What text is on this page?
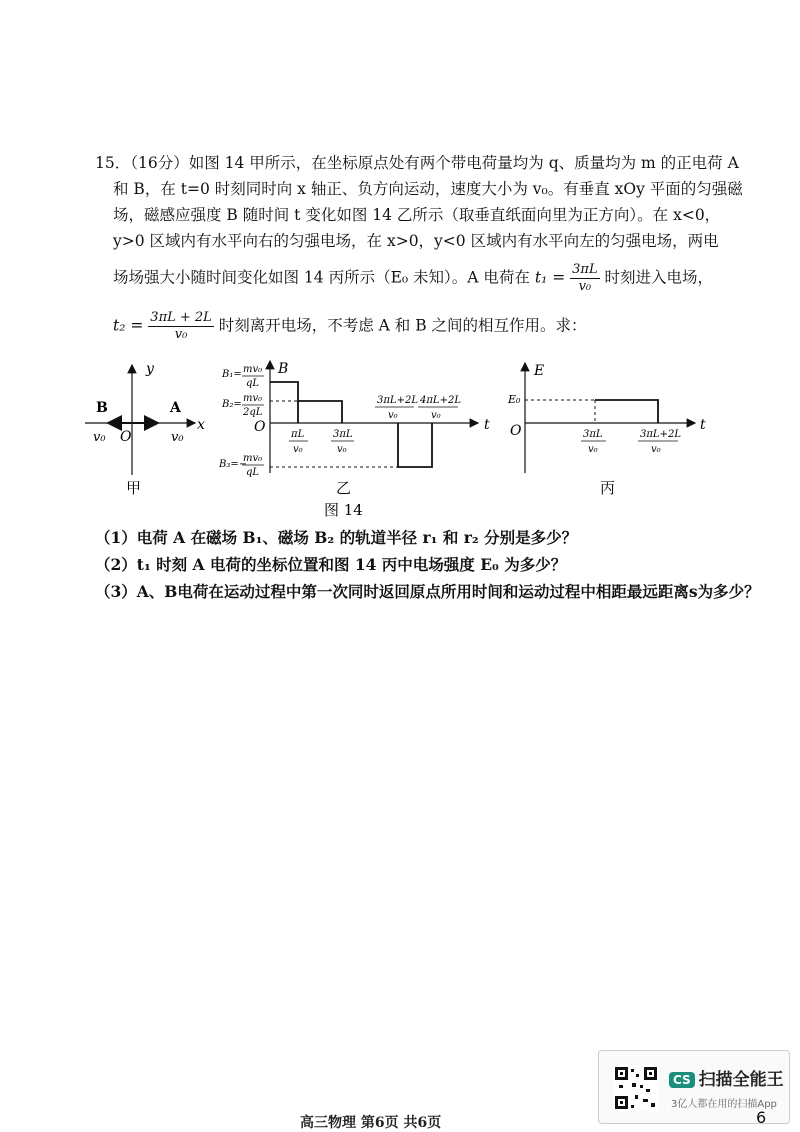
15．（16分）如图 14 甲所示，在坐标原点处有两个带电荷量均为 q、质量均为 m 的正电荷 A
和 B，在 t=0 时刻同时向 x 轴正、负方向运动，速度大小为 v₀。有垂直 xOy 平面的匀强磁
场，磁感应强度 B 随时间 t 变化如图 14 乙所示（取垂直纸面向里为正方向）。在 x<0，
y>0 区域内有水平向右的匀强电场，在 x>0，y<0 区域内有水平向左的匀强电场，两电
场场强大小随时间变化如图 14 丙所示（E₀ 未知）。A 电荷在 $t_1 = \frac{3\pi L}{\text{v₀}}$ 时刻进入电场，
$t_2 = \frac{3\pi L + 2L}{\text{v₀}}$ 时刻离开电场，不考虑 A 和 B 之间的相互作用。求：
y
x
O
B	A
v₀	v₀
B
t
O
B₁= mv₀
qL
B₂=
mv₀
2qL
B₃=−
mv₀
qL
πL
v₀
3πL
v₀
3πL+2L
v₀
4πL+2L
v₀
E
t
O
E₀
3πL
v₀
3πL+2L
v₀
甲	乙	丙
图 14
（1）电荷 A 在磁场 B₁、磁场 B₂ 的轨道半径 r₁ 和 r₂ 分别是多少？
（2）t₁ 时刻 A 电荷的坐标位置和图 14 丙中电场强度 E₀ 为多少？
（3）A、B电荷在运动过程中第一次同时返回原点所用时间和运动过程中相距最远距离s为多少？
CS 扫描全能王
3亿人都在用的扫描App
高三物理 第6页 共6页	6
